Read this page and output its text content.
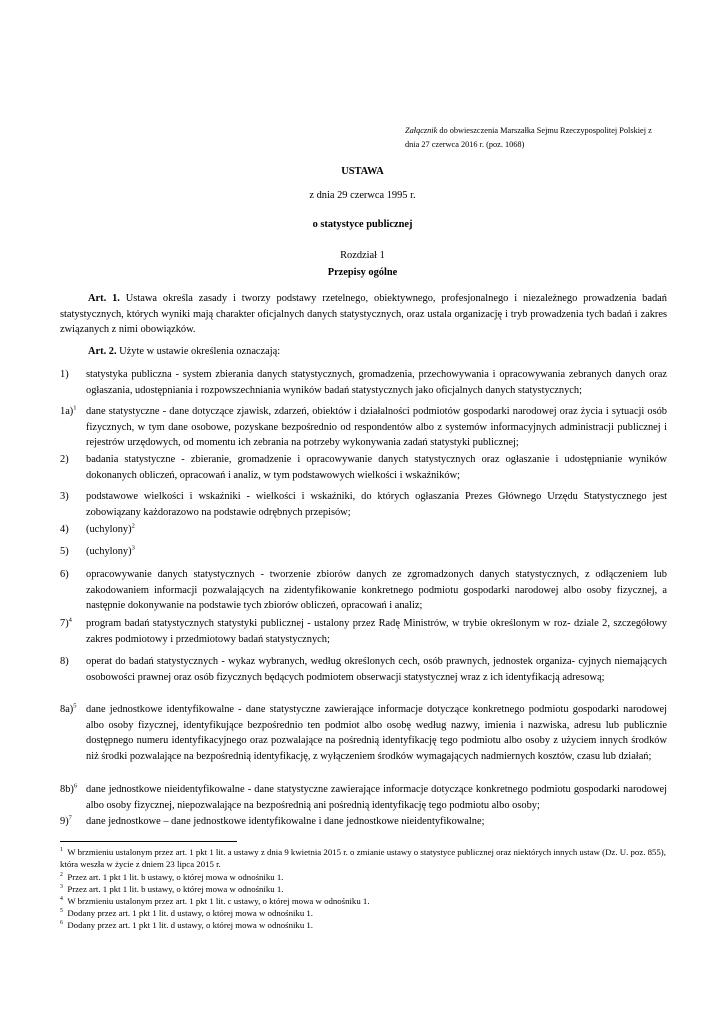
Załącznik do obwieszczenia Marszałka Sejmu Rzeczypospolitej Polskiej z
dnia 27 czerwca 2016 r. (poz. 1068)
USTAWA
z dnia 29 czerwca 1995 r.
o statystyce publicznej
Rozdział 1
Przepisy ogólne
Art. 1. Ustawa określa zasady i tworzy podstawy rzetelnego, obiektywnego, profesjonalnego i niezależnego prowadzenia badań statystycznych, których wyniki mają charakter oficjalnych danych statystycznych, oraz ustala organizację i tryb prowadzenia tych badań i zakres związanych z nimi obowiązków.
Art. 2. Użyte w ustawie określenia oznaczają:
1) statystyka publiczna - system zbierania danych statystycznych, gromadzenia, przechowywania i opracowywania zebranych danych oraz ogłaszania, udostępniania i rozpowszechniania wyników badań statystycznych jako oficjalnych danych statystycznych;
1a)$^1$ dane statystyczne - dane dotyczące zjawisk, zdarzeń, obiektów i działalności podmiotów gospodarki narodowej oraz życia i sytuacji osób fizycznych, w tym dane osobowe, pozyskane bezpośrednio od respondentów albo z systemów informacyjnych administracji publicznej i rejestrów urzędowych, od momentu ich zebrania na potrzeby wykonywania zadań statystyki publicznej;
2) badania statystyczne - zbieranie, gromadzenie i opracowywanie danych statystycznych oraz ogłaszanie i udostępnianie wyników dokonanych obliczeń, opracowań i analiz, w tym podstawowych wielkości i wskaźników;
3) podstawowe wielkości i wskaźniki - wielkości i wskaźniki, do których ogłaszania Prezes Głównego Urzędu Statystycznego jest zobowiązany każdorazowo na podstawie odrębnych przepisów;
4) (uchylony)$^2$
5) (uchylony)$^3$
6) opracowywanie danych statystycznych - tworzenie zbiorów danych ze zgromadzonych danych statystycznych, z odłączeniem lub zakodowaniem informacji pozwalających na zidentyfikowanie konkretnego podmiotu gospodarki narodowej albo osoby fizycznej, a następnie dokonywanie na podstawie tych zbiorów obliczeń, opracowań i analiz;
7)$^4$ program badań statystycznych statystyki publicznej - ustalony przez Radę Ministrów, w trybie określonym w roz- dziale 2, szczegółowy zakres podmiotowy i przedmiotowy badań statystycznych;
8) operat do badań statystycznych - wykaz wybranych, według określonych cech, osób prawnych, jednostek organiza- cyjnych niemających osobowości prawnej oraz osób fizycznych będących podmiotem obserwacji statystycznej wraz z ich identyfikacją adresową;
8a)$^5$ dane jednostkowe identyfikowalne - dane statystyczne zawierające informacje dotyczące konkretnego podmiotu gospodarki narodowej albo osoby fizycznej, identyfikujące bezpośrednio ten podmiot albo osobę według nazwy, imienia i nazwiska, adresu lub publicznie dostępnego numeru identyfikacyjnego oraz pozwalające na pośrednią identyfikację tego podmiotu albo osoby z użyciem innych środków niż środki pozwalające na bezpośrednią identyfikację, z wyłączeniem środków wymagających nadmiernych kosztów, czasu lub działań;
8b)$^6$ dane jednostkowe nieidentyfikowalne - dane statystyczne zawierające informacje dotyczące konkretnego podmiotu gospodarki narodowej albo osoby fizycznej, niepozwalające na bezpośrednią ani pośrednią identyfikację tego podmiotu albo osoby;
9)$^7$ dane jednostkowe – dane jednostkowe identyfikowalne i dane jednostkowe nieidentyfikowalne;
$^1$ W brzmieniu ustalonym przez art. 1 pkt 1 lit. a ustawy z dnia 9 kwietnia 2015 r. o zmianie ustawy o statystyce publicznej oraz niektórych innych ustaw (Dz. U. poz. 855), która weszła w życie z dniem 23 lipca 2015 r.
$^2$ Przez art. 1 pkt 1 lit. b ustawy, o której mowa w odnośniku 1.
$^3$ Przez art. 1 pkt 1 lit. b ustawy, o której mowa w odnośniku 1.
$^4$ W brzmieniu ustalonym przez art. 1 pkt 1 lit. c ustawy, o której mowa w odnośniku 1.
$^5$ Dodany przez art. 1 pkt 1 lit. d ustawy, o której mowa w odnośniku 1.
$^6$ Dodany przez art. 1 pkt 1 lit. d ustawy, o której mowa w odnośniku 1.
